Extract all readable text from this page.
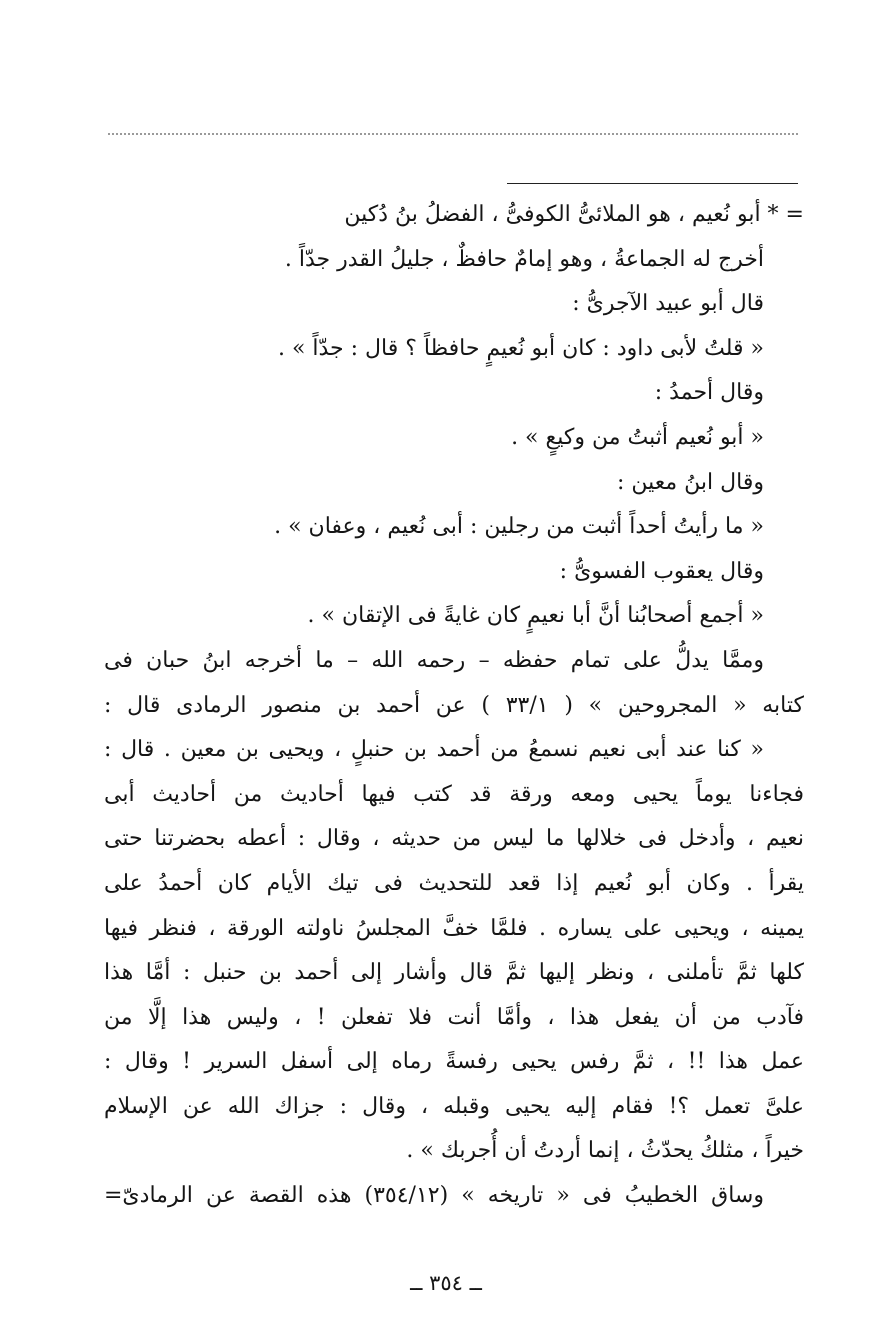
= * أبو نُعيم ، هو الملائىُّ الكوفىُّ ، الفضلُ بنُ دُكين
أخرج له الجماعةُ ، وهو إمامٌ حافظٌ ، جليلُ القدر جدّاً .
قال أبو عبيد الآجرىُّ :
« قلتُ لأبى داود : كان أبو نُعيمٍ حافظاً ؟ قال : جدّاً » .
وقال أحمدُ :
« أبو نُعيم أثبتُ من وكيعٍ » .
وقال ابنُ معين :
« ما رأيتُ أحداً أثبت من رجلين : أبى نُعيم ، وعفان » .
وقال يعقوب الفسوىُّ :
« أجمع أصحابُنا أنَّ أبا نعيمٍ كان غايةً فى الإتقان » .
وممَّا يدلُّ على تمام حفظه – رحمه الله – ما أخرجه ابنُ حبان فى
كتابه « المجروحين » ( ٣٣/١ ) عن أحمد بن منصور الرمادى قال :
« كنا عند أبى نعيم نسمعُ من أحمد بن حنبلٍ ، ويحيى بن معين . قال :
فجاءنا يوماً يحيى ومعه ورقة قد كتب فيها أحاديث من أحاديث أبى
نعيم ، وأدخل فى خلالها ما ليس من حديثه ، وقال : أعطه بحضرتنا حتى
يقرأ . وكان أبو نُعيم إذا قعد للتحديث فى تيك الأيام كان أحمدُ على
يمينه ، ويحيى على يساره . فلمَّا خفَّ المجلسُ ناولته الورقة ، فنظر فيها
كلها ثمَّ تأملنى ، ونظر إليها ثمَّ قال وأشار إلى أحمد بن حنبل : أمَّا هذا
فآدب من أن يفعل هذا ، وأمَّا أنت فلا تفعلن ! ، وليس هذا إلَّا من
عمل هذا !! ، ثمَّ رفس يحيى رفسةً رماه إلى أسفل السرير ! وقال :
علىَّ تعمل ؟! فقام إليه يحيى وقبله ، وقال : جزاك الله عن الإسلام
خيراً ، مثلكُ يحدّثُ ، إنما أردتُ أن أُجربك » .
وساق الخطيبُ فى « تاريخه » (٣٥٤/١٢) هذه القصة عن الرمادىّ=
ــ ٣٥٤ ــ
